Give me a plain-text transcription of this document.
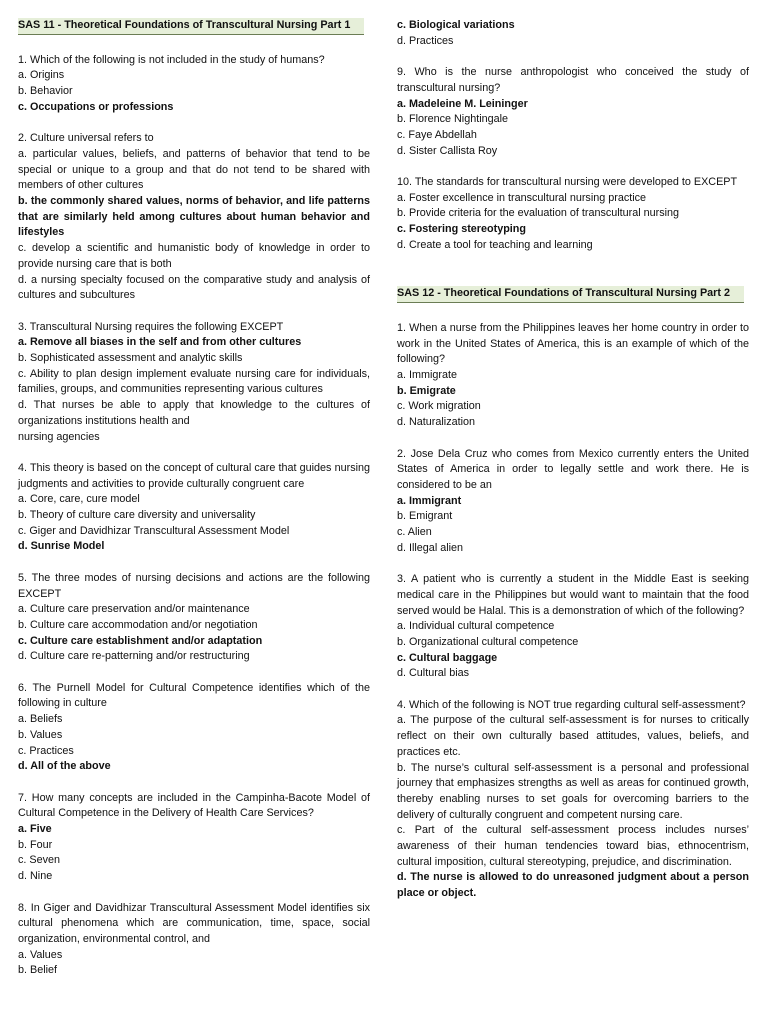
SAS 11 - Theoretical Foundations of Transcultural Nursing Part 1
1. Which of the following is not included in the study of humans?
a. Origins
b. Behavior
c. Occupations or professions
2. Culture universal refers to
a. particular values, beliefs, and patterns of behavior that tend to be special or unique to a group and that do not tend to be shared with members of other cultures
b. the commonly shared values, norms of behavior, and life patterns that are similarly held among cultures about human behavior and lifestyles
c. develop a scientific and humanistic body of knowledge in order to provide nursing care that is both
d. a nursing specialty focused on the comparative study and analysis of cultures and subcultures
3. Transcultural Nursing requires the following EXCEPT
a. Remove all biases in the self and from other cultures
b. Sophisticated assessment and analytic skills
c. Ability to plan design implement evaluate nursing care for individuals, families, groups, and communities representing various cultures
d. That nurses be able to apply that knowledge to the cultures of organizations institutions health and
nursing agencies
4. This theory is based on the concept of cultural care that guides nursing judgments and activities to provide culturally congruent care
a. Core, care, cure model
b. Theory of culture care diversity and universality
c. Giger and Davidhizar Transcultural Assessment Model
d. Sunrise Model
5. The three modes of nursing decisions and actions are the following EXCEPT
a. Culture care preservation and/or maintenance
b. Culture care accommodation and/or negotiation
c. Culture care establishment and/or adaptation
d. Culture care re-patterning and/or restructuring
6. The Purnell Model for Cultural Competence identifies which of the following in culture
a. Beliefs
b. Values
c. Practices
d. All of the above
7. How many concepts are included in the Campinha-Bacote Model of Cultural Competence in the Delivery of Health Care Services?
a. Five
b. Four
c. Seven
d. Nine
8. In Giger and Davidhizar Transcultural Assessment Model identifies six cultural phenomena which are communication, time, space, social organization, environmental control, and
a. Values
b. Belief
c. Biological variations
d. Practices
9. Who is the nurse anthropologist who conceived the study of transcultural nursing?
a. Madeleine M. Leininger
b. Florence Nightingale
c. Faye Abdellah
d. Sister Callista Roy
10. The standards for transcultural nursing were developed to EXCEPT
a. Foster excellence in transcultural nursing practice
b. Provide criteria for the evaluation of transcultural nursing
c. Fostering stereotyping
d. Create a tool for teaching and learning
SAS 12 - Theoretical Foundations of Transcultural Nursing Part 2
1. When a nurse from the Philippines leaves her home country in order to work in the United States of America, this is an example of which of the following?
a. Immigrate
b. Emigrate
c. Work migration
d. Naturalization
2. Jose Dela Cruz who comes from Mexico currently enters the United States of America in order to legally settle and work there. He is considered to be an
a. Immigrant
b. Emigrant
c. Alien
d. Illegal alien
3. A patient who is currently a student in the Middle East is seeking medical care in the Philippines but would want to maintain that the food served would be Halal. This is a demonstration of which of the following?
a. Individual cultural competence
b. Organizational cultural competence
c. Cultural baggage
d. Cultural bias
4. Which of the following is NOT true regarding cultural self-assessment?
a. The purpose of the cultural self-assessment is for nurses to critically reflect on their own culturally based attitudes, values, beliefs, and practices etc.
b. The nurse’s cultural self-assessment is a personal and professional journey that emphasizes strengths as well as areas for continued growth, thereby enabling nurses to set goals for overcoming barriers to the delivery of culturally congruent and competent nursing care.
c. Part of the cultural self-assessment process includes nurses’ awareness of their human tendencies toward bias, ethnocentrism, cultural imposition, cultural stereotyping, prejudice, and discrimination.
d. The nurse is allowed to do unreasoned judgment about a person place or object.
